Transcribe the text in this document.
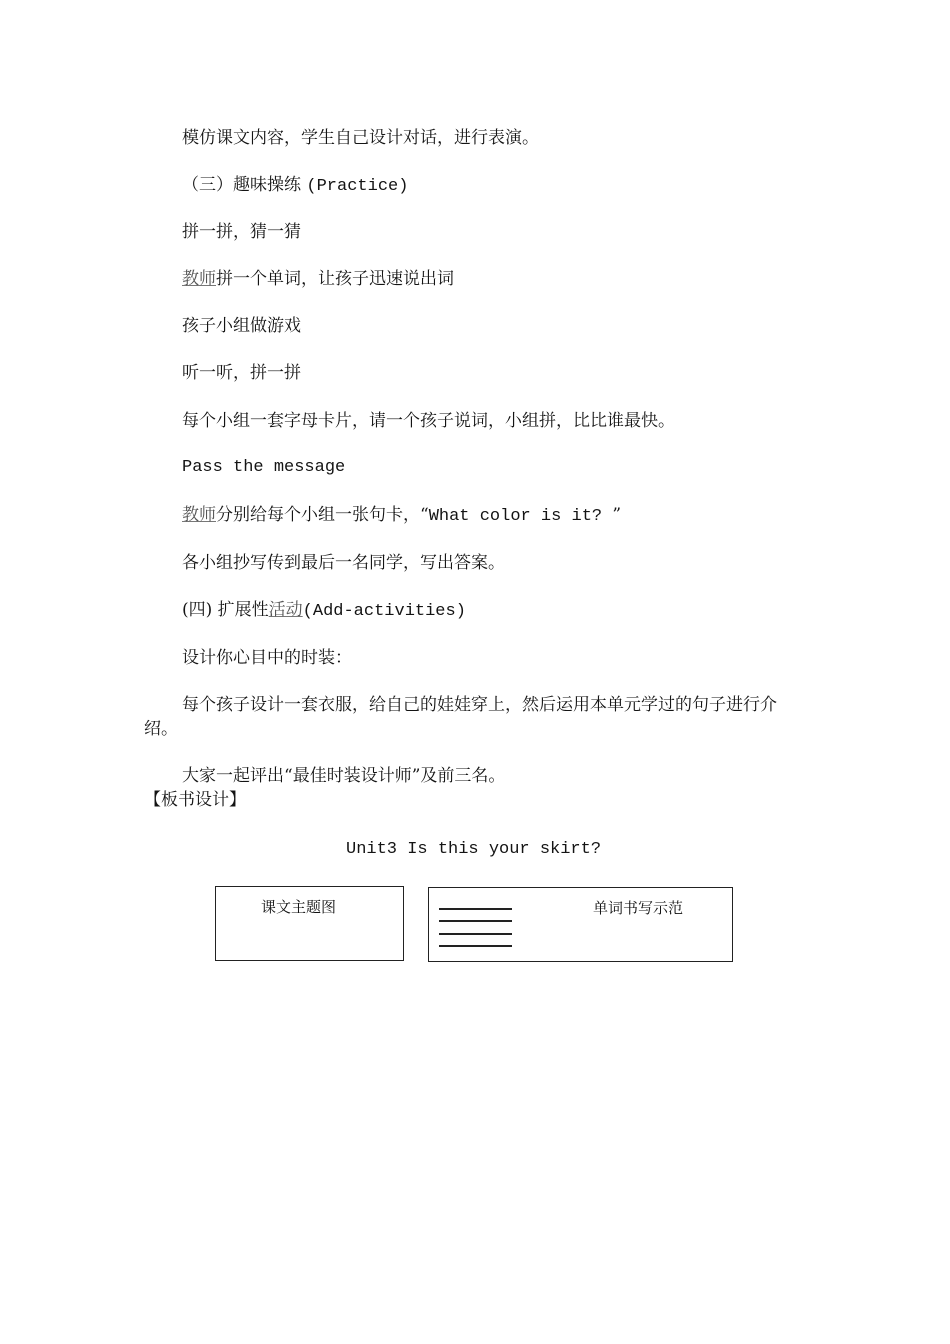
模仿课文内容，学生自己设计对话，进行表演。
（三）趣味操练 (Practice)
拼一拼，猜一猜
教师拼一个单词，让孩子迅速说出词
孩子小组做游戏
听一听，拼一拼
每个小组一套字母卡片，请一个孩子说词，小组拼，比比谁最快。
Pass the message
教师分别给每个小组一张句卡，“What color is it? ”
各小组抄写传到最后一名同学，写出答案。
(四) 扩展性活动(Add-activities)
设计你心目中的时装：
每个孩子设计一套衣服，给自己的娃娃穿上，然后运用本单元学过的句子进行介绍。
大家一起评出“最佳时装设计师”及前三名。
【板书设计】
Unit3 Is this your skirt?
课文主题图	单词书写示范
